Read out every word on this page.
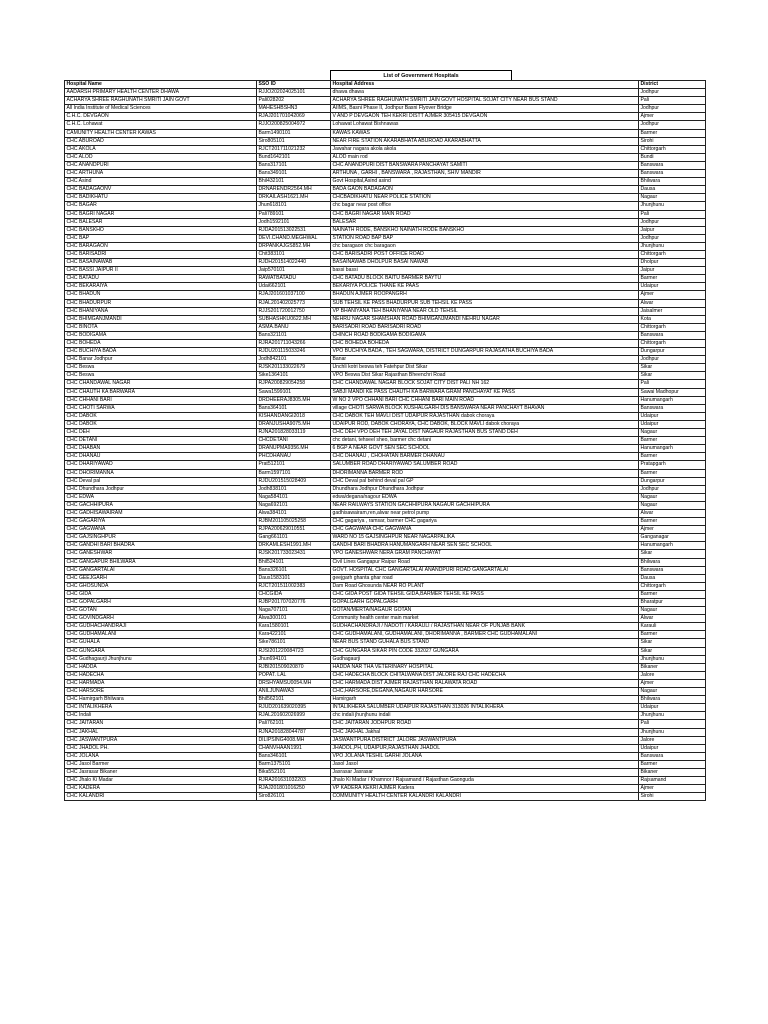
List of Government Hospitals
Hospital Name	SSO ID	Hospital Address	District
AADARSH PRIMARY HEALTH CENTER DHAWA	RJJO202024025101	dhawa dhawa	Jodhpur
ACHARYA SHREE RAGHUNATH SMRITI JAIN GOVT	Pali028202	ACHARYA SHREE RAGHUNATH SMRITI JAIN GOVT HOSPITAL SOJAT CITY NEAR BUS STAND	Pali
All India Institute of Medical Sciences	MAHESHBSHN3	AIIMS, Basni Phase II, Jodhpur Basni Flyover Bridge	Jodhpur
C.H.C. DEVGAON	RJAJ201701042069	V AND P DEVGAON TEH KEKRI DISTT AJMER 305415 DEVGAON	Ajmer
C.H.C. Lohawat	RJJO200825004972	Lohawat Lohawat Bishnawas	Jodhpur
CAMUNITY HEALTH CENTER KAWAS	Barm1490101	KAWAS KAWAS	Barmer
CHC ABUROAD	Siro805101	NEAR FIRE STATION AKARABHATA ABUROAD AKARABHATTA	Sirohi
CHC AKOLA	RJCT201711021232	Jawahar nagara akola akola	Chittorgarh
CHC ALOD	Bund1642101	ALOD main rod	Bundi
CHC ANANDPURI	Bans317101	CHC ANANDPURI DIST BANSWARA PANCHAYAT SAMITI	Banswara
CHC ARTHUNA	Bans349101	ARTHUNA , GARHI , BANSWARA , RAJASTHAN, SHIV MANDIR	Banswara
CHC Asind	Bhil432101	Govt Hospital,Asind asind	Bhilwara
CHC BADAGAONV	DRNARENDR2564.MH	BADA GAON BADAGAON	Dausa
CHC BADIKHATU	DRKAILASH1621.MH	CHCBADIKHATU NEAR POLICE STATION	Nagaur
CHC BAGAR	Jhun618101	chc bagar near post office	Jhunjhunu
CHC BAGRI NAGAR	Pali789101	CHC BAGRI NAGAR MAIN ROAD	Pali
CHC BALESAR	Jodh1592101	BALESAR	Jodhpur
CHC BANSKHO	RJDA201513022531	NAINATH RODE, BANSKHO NAINATH RODE BANSKHO	Jaipur
CHC BAP	DEVI.CHAND.MEGHWAL	STATION ROAD BAP BAP	Jodhpur
CHC BARAGAON	DRPANKAJGS852.MH	chc baragaon chc baragaon	Jhunjhunu
CHC BARISADRI	Chit383101	CHC BARISADRI POST OFFICE ROAD	Chittorgarh
CHC BASAINAWAB	RJDH201514022440	BASAINAWAB DHOLPUR BASAI NAWAB	Dholpur
CHC BASSI JAIPUR II	Jaip570101	bassi bassi	Jaipur
CHC BATADU	RAWATBATADU	CHC BATADU BLOCK BAITU BARMER BAYTU	Barmer
CHC BEKARAIYA	Udai662101	BEKARIYA POLICE THANE KE PAAS	Udaipur
CHC BHADUN	RJAJ201601037100	BHADUN AJMER ROOPANGRH	Ajmer
CHC BHADURPUR	RJAL201402025773	SUB TEHSIL KE PASS BHADURPUR SUB TEHSIL KE PASS	Alwar
CHC BHANIYANA	RJJS201720012750	VP BHANIYANA TEH BHANIYANA NEAR OLD TEHSIL	Jaisalmer
CHC BHIMGANJMANDI	SUBHASHKU0622.MH	NEHRU NAGAR SHAMSHAN ROAD BHIMGANJMANDI NEHRU NAGAR	Kota
CHC BINOTA	ASMA.BANU	BARISADRI ROAD BARISADRI ROAD	Chittorgarh
CHC BODIGAMA	Bans321101	CHINCH ROAD BODIGAMA BODIGAMA	Banswara
CHC BOHEDA	RJRA201711043266	CHC BOHEDA BOHEDA	Chittorgarh
CHC BUCHIYA BADA	RJDU201115033246	VPO BUCHIYA BADA , TEH SAGWARA, DISTRICT DUNGARPUR RAJASATHA BUCHIYA BADA	Dungarpur
CHC Banar Jodhpur	Jodh842101	Banar	Jodhpur
CHC Beswa	RJSK201133022679	Unchli kotri beswa teh Fatehpur Dist Sikar	Sikar
CHC Beswa	Sike1364101	VPO Beswa Dist Sikar Rajasthan Bheenchri Road	Sikar
CHC CHANDAWAL NAGAR	RJPA200829054258	CHC CHANDAWAL NAGAR BLOCK SOJAT CITY DIST PALI NH 162	Pali
CHC CHAUTH KA BARWARA	Sawa1599101	SABJI MANDI KE PASS CHAUTH KA BARWARA GRAM PANCHAYAT KE PASS	Sawai Madhopur
CHC CHHANI BARI	DRDHEERAJ8305.MH	W NO 2 VPO CHHANI BARI CHC CHHANI BARI MAIN ROAD	Hanumangarh
CHC CHOTI SARWA	Bans364101	village CHOTI SARWA BLOCK KUSHALGARH DIS BANSWARA NEAR PANCHAYT BHAVAN	Banswara
CHC DABOK	KISHANDANGI2018	CHC DABOK TEH MAVLI DIST UDAIPUR RAJASTHAN dabok choraya	Udaipur
CHC DABOK	DRANJUSHA9075.MH	UDAIPUR ROD, DABOK CHORAYA, CHC DABOK, BLOCK MAVLI dabok choraya	Udaipur
CHC DEH	RJNA201828033119	CHC DEH VPO DEH TEH JAYAL DIST NAGAUR RAJASTHAN BUS STAND DEH	Nagaur
CHC DETANI	CHCDETANI	chc detani, tehseel sheo, barmer chc detani	Barmer
CHC DHABAN	DRANUPMA9356.MH	6 BGP A NEAR GOVT SEN SEC SCHOOL	Hanumangarh
CHC DHANAU	PHCDHANAU	CHC DHANAU , CHOHATAN BARMER DHANAU	Barmer
CHC DHARIYAWAD	Prat512101	SALUMBER ROAD DHARIYAWAD SALUMBER ROAD	Pratapgarh
CHC DHORIMANNA	Barm1597101	DHORIMANNA BARMER ROD	Barmer
CHC Deval pal	RJDU201515028409	CHC Deval pal behind deval pal GP	Dungarpur
CHC Dhundhara Jodhpur	Jodh838101	Dhundhara Jodhpur Dhundhara Jodhpur	Jodhpur
CHC EDWA	Naga584101	edwa/degana/nagour EDWA	Nagaur
CHC GACHHIPURA	Naga692101	NEAR RAILWAYS STATION GACHHIPURA NAGAUR GACHHIPURA	Nagaur
CHC GADHISAWAIRAM	Alwa384101	gadhisawairam,ren,alwar near petrol pump	Alwar
CHC GAGARIYA	RJBM201105025258	CHC gagariya , ramsar, barmer CHC gagariya	Barmer
CHC GAGWANA	RJPA200629010551	CHC GAGWANA CHC GAGWANA	Ajmer
CHC GAJSINGHPUR	Gang661101	WARD NO 15 GAJSINGHPUR NEAR NAGARPALIKA	Ganganagar
CHC GANDHI BARI BHADRA	DRKAMLESH1991.MH	GANDHI BARI BHADRA HANUMANGARH NEAR SEN SEC SCHOOL	Hanumangarh
CHC GANESHWAR	RJSK201733023431	VPO GANESHWAR NERA GRAM PANCHAYAT	Sikar
CHC GANGAPUR BHILWARA	Bhil524101	Civil Lines Gangapur Raipur Road	Bhilwara
CHC GANGARTALAI	Bans326101	GOVT. HOSPITAL CHC GANGARTALAI ANANDPURI ROAD GANGARTALAI	Banswara
CHC GEEJGARH	Daus1583101	geejgarh ghanta ghar road	Dausa
CHC GHOSUNDA	RJCT201511002383	Dam Road Ghosunda NEAR RO PLANT	Chittorgarh
CHC GIDA	CHCGIDA	CHC GIDA POST GIDA TEHSIL GIDA,BARMER TEHSIL KE PASS	Barmer
CHC GOPALGARH	RJBP201707020776	GOPALGARH GOPALGARH	Bharatpur
CHC GOTAN	Naga707101	GOTAN/MERTA/NAGAUR GOTAN	Nagaur
CHC GOVINDGARH	Alwa300101	Community health center main market	Alwar
CHC GUDHACHANDRAJI	Kara1580101	GUDHACHANDRAJI / NADOTI / KARAULI / RAJASTHAN NEAR OF PUNJAB BANK	Karauli
CHC GUDHAMALANI	Kara422101	CHC GUDHAMALANI, GUDHAMALANI, DHORIMANNA , BARMER CHC GUDHAMALANI	Barmer
CHC GUHALA	Sike786101	NEAR BUS STAND GUHALA BUS STAND	Sikar
CHC GUNGARA	RJSI201220084723	CHC GUNGARA SIKAR PIN CODE 332027 GUNGARA	Sikar
CHC Gudhagaurji Jhunjhunu	Jhun694101	Gudhagaurji	Jhunjhunu
CHC HADDA	RJBI201509020870	HADDA NAR THA VETERINARY HOSPITAL	Bikaner
CHC HADECHA	POPAT. LAL	CHC HADECHA BLOCK CHITALWANA DIST JALORE RAJ CHC HADECHA	Jalore
CHC HARMADA	DRSHYAMSU0054.MH	CHC HARMADA DIST AJMER RAJASTHAN RALAWATA ROAD	Ajmer
CHC HARSORE	ANILJUNAWA3	CHC,HARSORE,DEGANA,NAGAUR HARSORE	Nagaur
CHC Hamirgarh Bhilwara	Bhil562101	Hamirgarh	Bhilwara
CHC INTALIKHERA	RJUD201639020395	INTALIKHERA SALUMBER UDAIPUR RAJASTHAN 313026 INTALIKHERA	Udaipur
CHC Indali	RJAL201602026999	chc indali jhunjhunu indali	Jhunjhunu
CHC JAITARAN	Pali762101	CHC JAITARAN JODHPUR ROAD	Pali
CHC JAKHAL	RJNA201828044787	CHC JAKHAL Jakhal	Jhunjhunu
CHC JASWANTPURA	DILIPSING4008.MH	JASWANTPURA DISTRICT JALORE JASWANTPURA	Jalore
CHC JHADOL PH.	CHANVHAAN1991	JHADOL,PH, UDAIPUR,RAJASTHAN JHADOL	Udaipur
CHC JOLANA	Bans346101	VPO JOLANA TESHIL GARHI JOLANA	Banswara
CHC Jasol Barmer	Barm1375101	Jasol Jasol	Barmer
CHC Jasrasar Bikaner	Bika552101	Jasrasar Jasrasar	Bikaner
CHC Jhalo Ki Madar	RJRA201631032203	Jhalo Ki Madar / Khamnor / Rajsamand / Rajasthan Gaonguda	Rajsamand
CHC KADERA	RJAJ201801016250	VP KADERA KEKRI AJMER Kadera	Ajmer
CHC KALANDRI	Siro826101	COMMUNITY HEALTH CENTER KALANDRI KALANDRI	Sirohi
